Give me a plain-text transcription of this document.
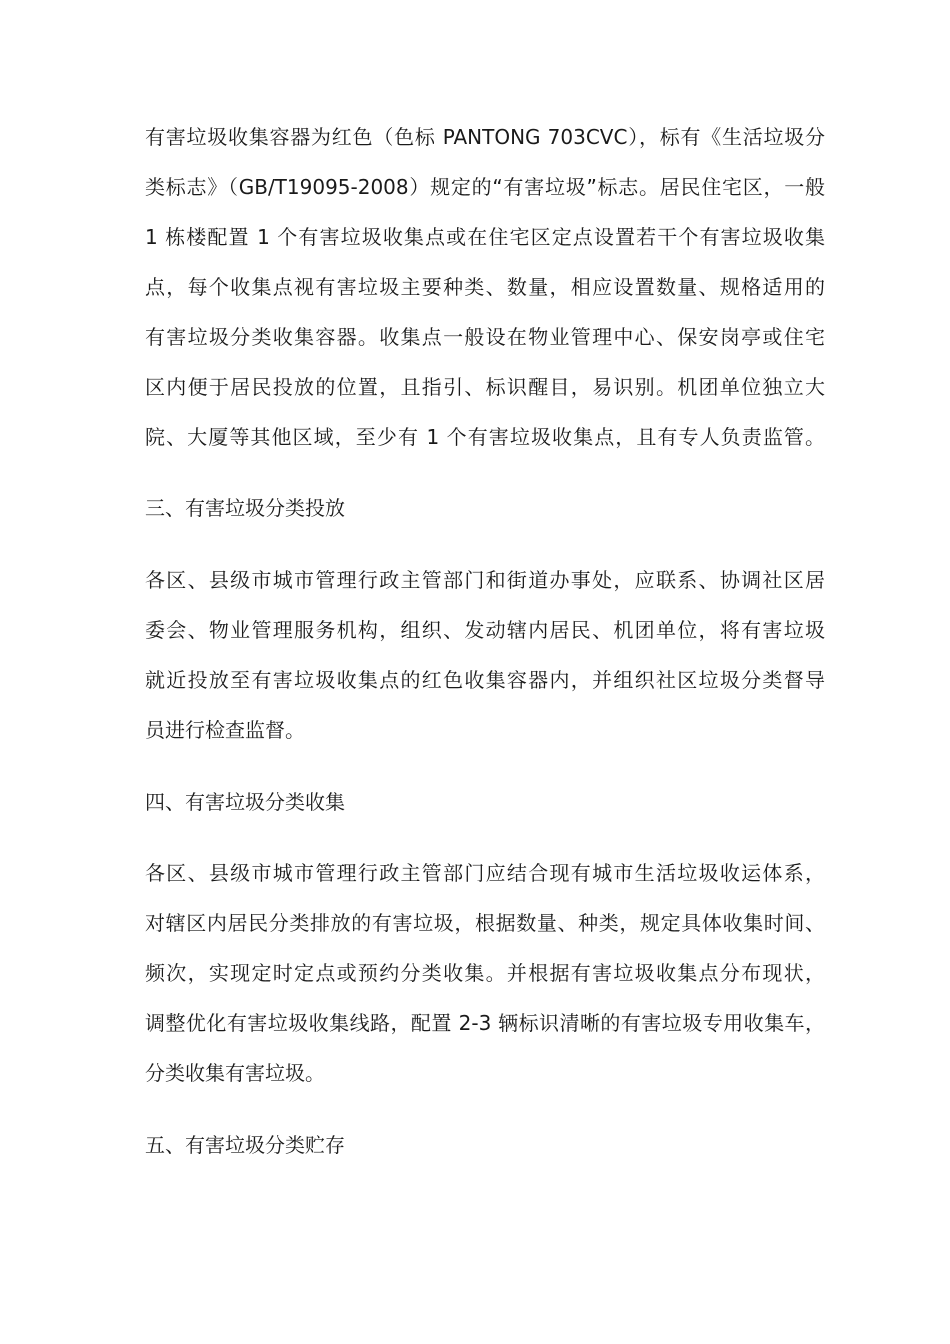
有害垃圾收集容器为红色（色标 PANTONG 703CVC），标有《生活垃圾分
类标志》（GB/T19095-2008）规定的“有害垃圾”标志。居民住宅区，一般
1 栋楼配置 1 个有害垃圾收集点或在住宅区定点设置若干个有害垃圾收集
点，每个收集点视有害垃圾主要种类、数量，相应设置数量、规格适用的
有害垃圾分类收集容器。收集点一般设在物业管理中心、保安岗亭或住宅
区内便于居民投放的位置，且指引、标识醒目，易识别。机团单位独立大
院、大厦等其他区域，至少有 1 个有害垃圾收集点，且有专人负责监管。
三、有害垃圾分类投放
各区、县级市城市管理行政主管部门和街道办事处，应联系、协调社区居
委会、物业管理服务机构，组织、发动辖内居民、机团单位，将有害垃圾
就近投放至有害垃圾收集点的红色收集容器内，并组织社区垃圾分类督导
员进行检查监督。
四、有害垃圾分类收集
各区、县级市城市管理行政主管部门应结合现有城市生活垃圾收运体系，
对辖区内居民分类排放的有害垃圾，根据数量、种类，规定具体收集时间、
频次，实现定时定点或预约分类收集。并根据有害垃圾收集点分布现状，
调整优化有害垃圾收集线路，配置 2-3 辆标识清晰的有害垃圾专用收集车，
分类收集有害垃圾。
五、有害垃圾分类贮存
